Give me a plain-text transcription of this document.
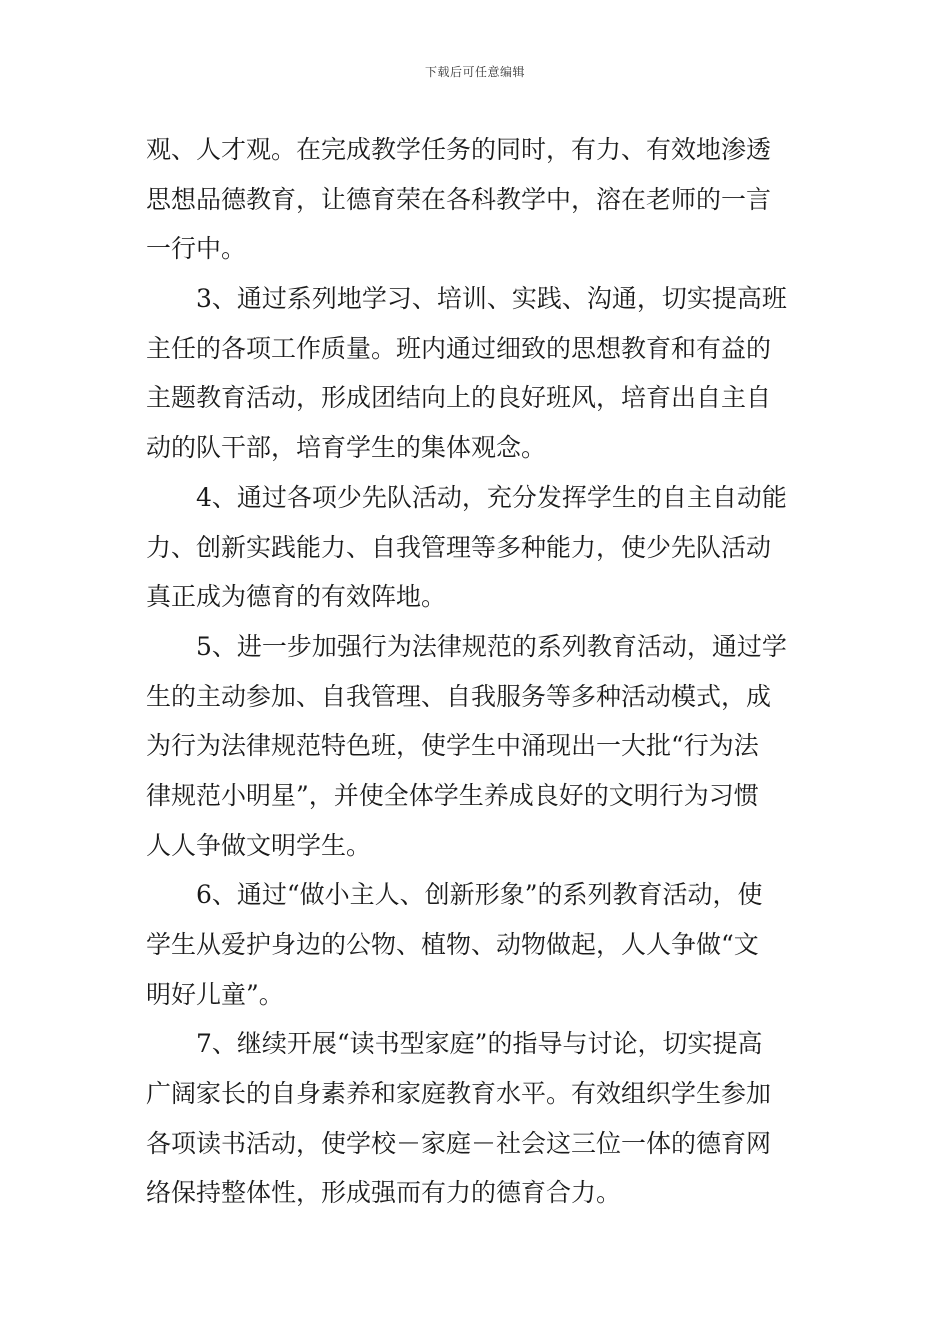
下载后可任意编辑
观、人才观。在完成教学任务的同时，有力、有效地渗透
思想品德教育，让德育荣在各科教学中，溶在老师的一言
一行中。
3、通过系列地学习、培训、实践、沟通，切实提高班
主任的各项工作质量。班内通过细致的思想教育和有益的
主题教育活动，形成团结向上的良好班风，培育出自主自
动的队干部，培育学生的集体观念。
4、通过各项少先队活动，充分发挥学生的自主自动能
力、创新实践能力、自我管理等多种能力，使少先队活动
真正成为德育的有效阵地。
5、进一步加强行为法律规范的系列教育活动，通过学
生的主动参加、自我管理、自我服务等多种活动模式，成
为行为法律规范特色班，使学生中涌现出一大批“行为法
律规范小明星”，并使全体学生养成良好的文明行为习惯
人人争做文明学生。
6、通过“做小主人、创新形象”的系列教育活动，使
学生从爱护身边的公物、植物、动物做起，人人争做“文
明好儿童”。
7、继续开展“读书型家庭”的指导与讨论，切实提高
广阔家长的自身素养和家庭教育水平。有效组织学生参加
各项读书活动，使学校－家庭－社会这三位一体的德育网
络保持整体性，形成强而有力的德育合力。
